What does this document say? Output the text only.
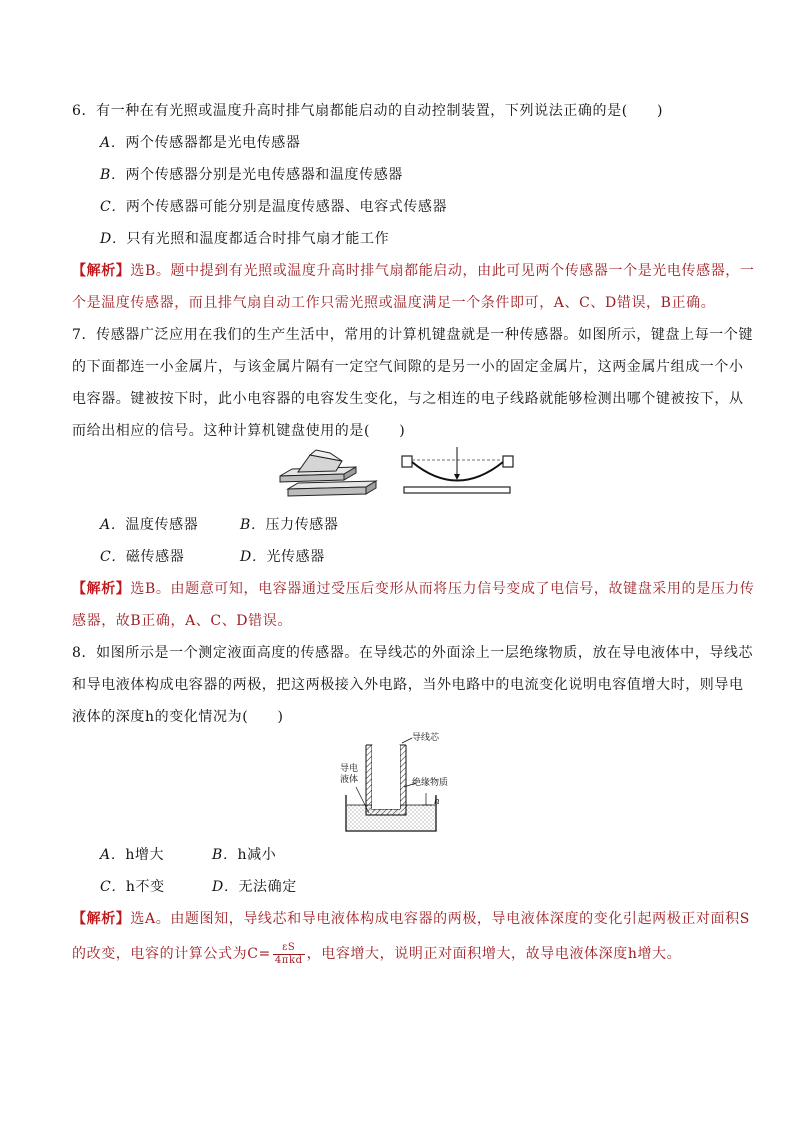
6．有一种在有光照或温度升高时排气扇都能启动的自动控制装置，下列说法正确的是(　　)
A．两个传感器都是光电传感器
B．两个传感器分别是光电传感器和温度传感器
C．两个传感器可能分别是温度传感器、电容式传感器
D．只有光照和温度都适合时排气扇才能工作
【解析】选B。题中提到有光照或温度升高时排气扇都能启动，由此可见两个传感器一个是光电传感器，一
个是温度传感器，而且排气扇自动工作只需光照或温度满足一个条件即可，A、C、D错误，B正确。
7．传感器广泛应用在我们的生产生活中，常用的计算机键盘就是一种传感器。如图所示，键盘上每一个键
的下面都连一小金属片，与该金属片隔有一定空气间隙的是另一小的固定金属片，这两金属片组成一个小
电容器。键被按下时，此小电容器的电容发生变化，与之相连的电子线路就能够检测出哪个键被按下，从
而给出相应的信号。这种计算机键盘使用的是(　　)
A．温度传感器	B．压力传感器
C．磁传感器	D．光传感器
【解析】选B。由题意可知，电容器通过受压后变形从而将压力信号变成了电信号，故键盘采用的是压力传
感器，故B正确，A、C、D错误。
8．如图所示是一个测定液面高度的传感器。在导线芯的外面涂上一层绝缘物质，放在导电液体中，导线芯
和导电液体构成电容器的两极，把这两极接入外电路，当外电路中的电流变化说明电容值增大时，则导电
液体的深度h的变化情况为(　　)
导线芯
导电
液体	绝缘物质
h
A．h增大	B．h减小
C．h不变	D．无法确定
【解析】选A。由题图知，导线芯和导电液体构成电容器的两极，导电液体深度的变化引起两极正对面积S
的改变，电容的计算公式为$C= \frac{\varepsilon S}{\text{4πkd}}$ ，电容增大，说明正对面积增大，故导电液体深度h增大。
